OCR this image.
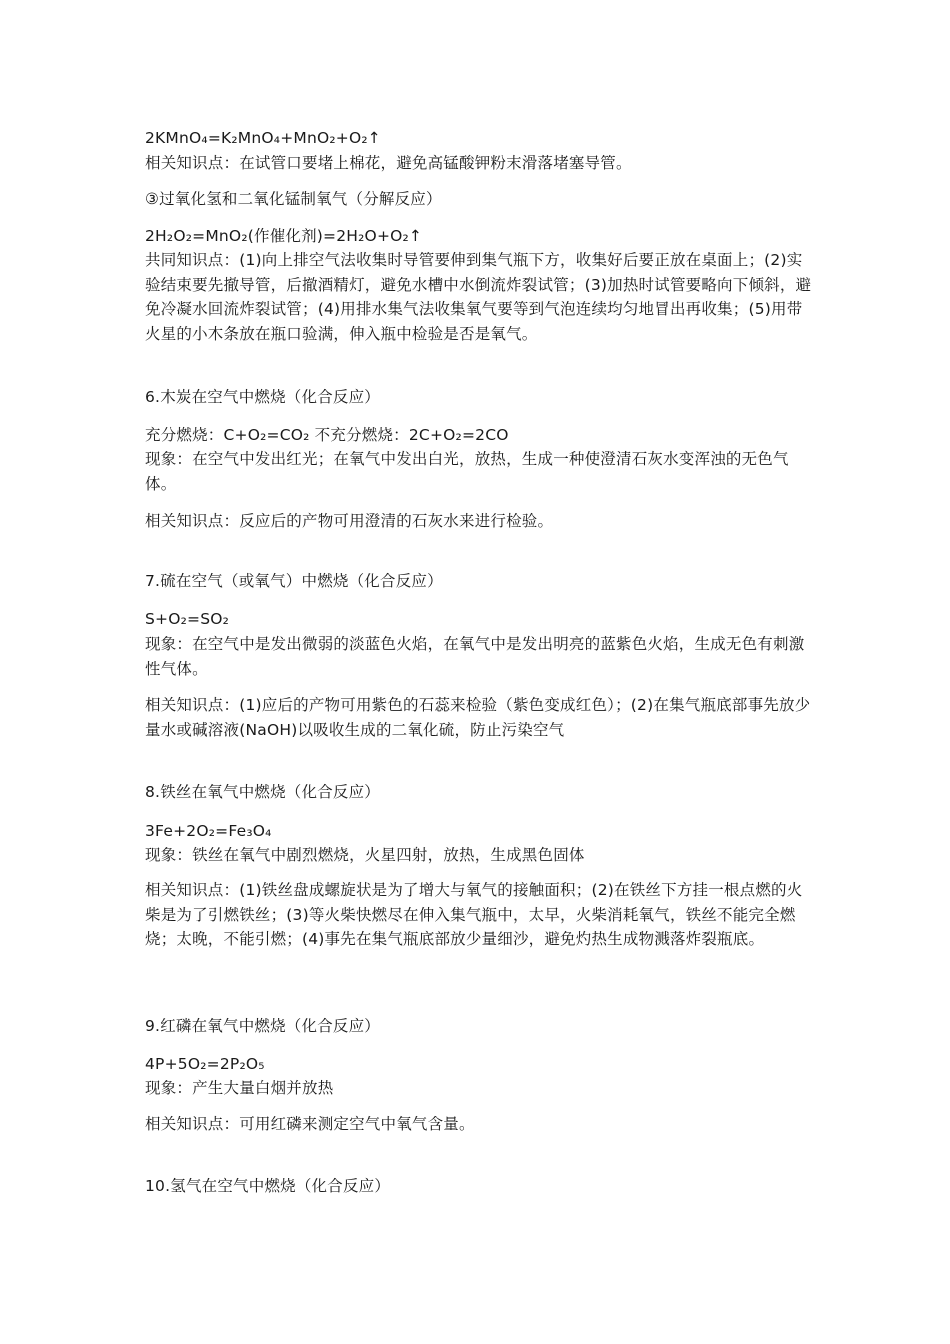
2KMnO₄=K₂MnO₄+MnO₂+O₂↑
相关知识点：在试管口要堵上棉花，避免高锰酸钾粉末滑落堵塞导管。
③过氧化氢和二氧化锰制氧气（分解反应）
2H₂O₂=MnO₂(作催化剂)=2H₂O+O₂↑
共同知识点：(1)向上排空气法收集时导管要伸到集气瓶下方，收集好后要正放在桌面上；(2)实验结束要先撤导管，后撤酒精灯，避免水槽中水倒流炸裂试管；(3)加热时试管要略向下倾斜，避免冷凝水回流炸裂试管；(4)用排水集气法收集氧气要等到气泡连续均匀地冒出再收集；(5)用带火星的小木条放在瓶口验满，伸入瓶中检验是否是氧气。
6.木炭在空气中燃烧（化合反应）
充分燃烧：C+O₂=CO₂ 不充分燃烧：2C+O₂=2CO
现象：在空气中发出红光；在氧气中发出白光，放热，生成一种使澄清石灰水变浑浊的无色气体。
相关知识点：反应后的产物可用澄清的石灰水来进行检验。
7.硫在空气（或氧气）中燃烧（化合反应）
S+O₂=SO₂
现象：在空气中是发出微弱的淡蓝色火焰，在氧气中是发出明亮的蓝紫色火焰，生成无色有刺激性气体。
相关知识点：(1)应后的产物可用紫色的石蕊来检验（紫色变成红色）；(2)在集气瓶底部事先放少量水或碱溶液(NaOH)以吸收生成的二氧化硫，防止污染空气
8.铁丝在氧气中燃烧（化合反应）
3Fe+2O₂=Fe₃O₄
现象：铁丝在氧气中剧烈燃烧，火星四射，放热，生成黑色固体
相关知识点：(1)铁丝盘成螺旋状是为了增大与氧气的接触面积；(2)在铁丝下方挂一根点燃的火柴是为了引燃铁丝；(3)等火柴快燃尽在伸入集气瓶中，太早，火柴消耗氧气，铁丝不能完全燃烧；太晚，不能引燃；(4)事先在集气瓶底部放少量细沙，避免灼热生成物溅落炸裂瓶底。
9.红磷在氧气中燃烧（化合反应）
4P+5O₂=2P₂O₅
现象：产生大量白烟并放热
相关知识点：可用红磷来测定空气中氧气含量。
10.氢气在空气中燃烧（化合反应）
